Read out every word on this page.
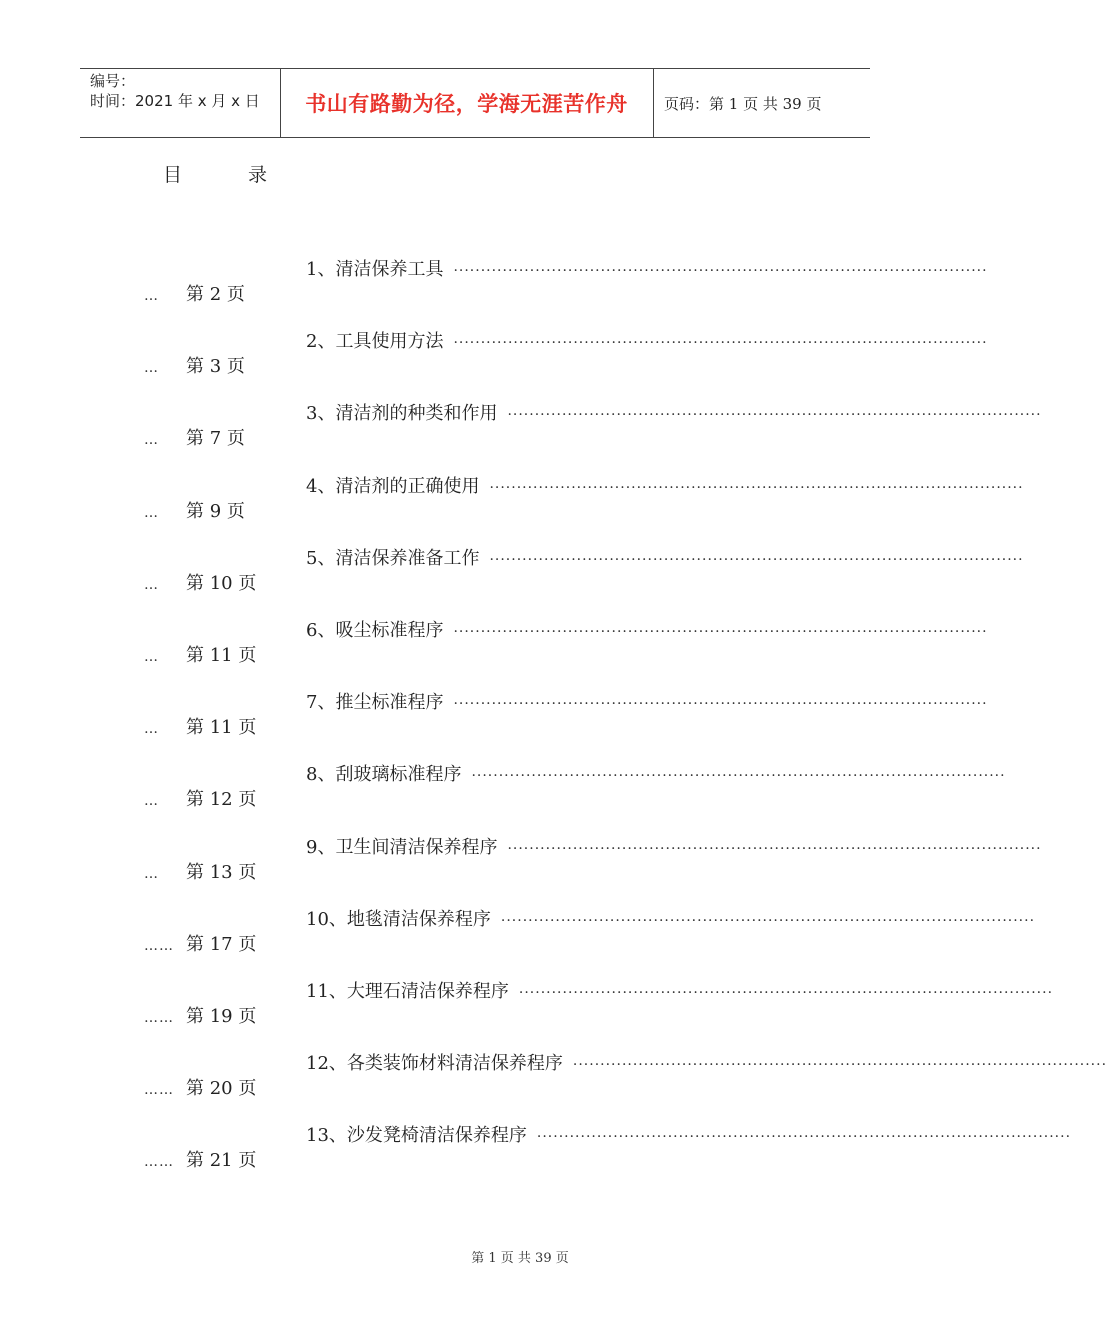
编号：
时间：2021 年 x 月 x 日	书山有路勤为径，学海无涯苦作舟	页码：第 1 页 共 39 页
目	录
1、清洁保养工具 ··································································································
… 第 2 页
2、工具使用方法 ··································································································
… 第 3 页
3、清洁剂的种类和作用 ··································································································
… 第 7 页
4、清洁剂的正确使用 ··································································································
… 第 9 页
5、清洁保养准备工作 ··································································································
… 第 10 页
6、吸尘标准程序 ··································································································
… 第 11 页
7、推尘标准程序 ··································································································
… 第 11 页
8、刮玻璃标准程序 ··································································································
… 第 12 页
9、卫生间清洁保养程序 ··································································································
… 第 13 页
10、地毯清洁保养程序 ··································································································
…… 第 17 页
11、大理石清洁保养程序 ··································································································
…… 第 19 页
12、各类装饰材料清洁保养程序 ··································································································
…… 第 20 页
13、沙发凳椅清洁保养程序 ··································································································
…… 第 21 页
第 1 页 共 39 页
